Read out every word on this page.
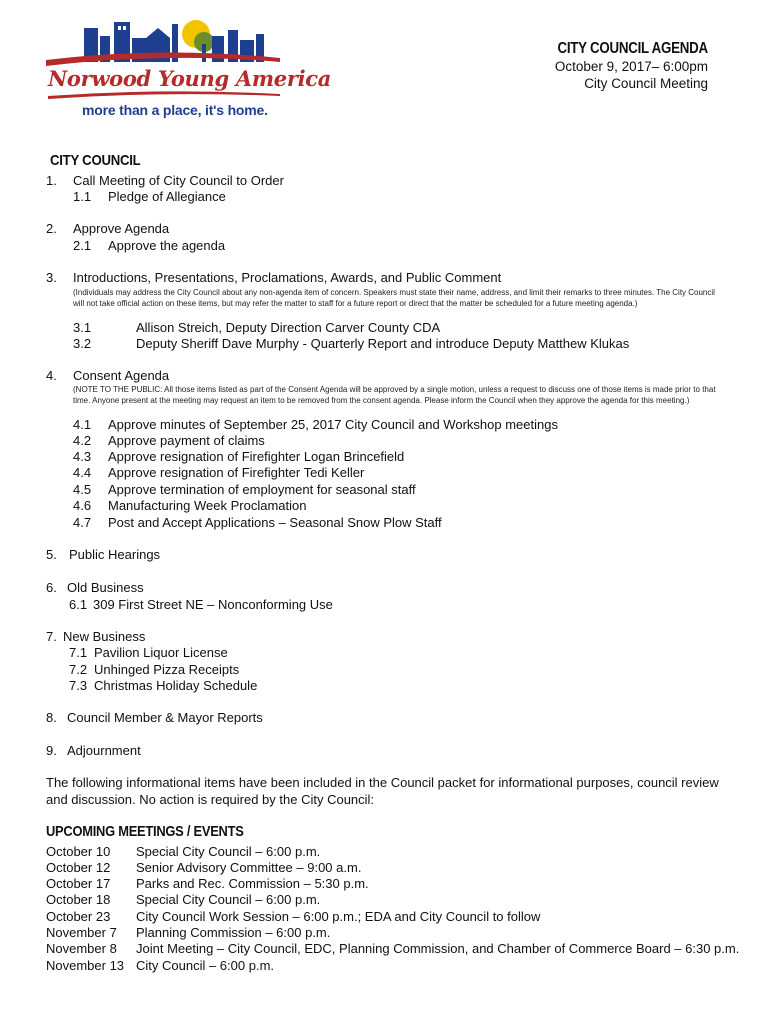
Norwood Young America
more than a place, it's home.
CITY COUNCIL AGENDA
October 9, 2017– 6:00pm
City Council Meeting
CITY COUNCIL
1. Call Meeting of City Council to Order
1.1 Pledge of Allegiance
2. Approve Agenda
2.1 Approve the agenda
3. Introductions, Presentations, Proclamations, Awards, and Public Comment
(Individuals may address the City Council about any non-agenda item of concern. Speakers must state their name, address, and limit their remarks to three minutes. The City Council will not take official action on these items, but may refer the matter to staff for a future report or direct that the matter be scheduled for a future meeting agenda.)
3.1	Allison Streich, Deputy Direction Carver County CDA
3.2	Deputy Sheriff Dave Murphy - Quarterly Report and introduce Deputy Matthew Klukas
4. Consent Agenda
(NOTE TO THE PUBLIC: All those items listed as part of the Consent Agenda will be approved by a single motion, unless a request to discuss one of those items is made prior to that time. Anyone present at the meeting may request an item to be removed from the consent agenda. Please inform the Council when they approve the agenda for this meeting.)
4.1 Approve minutes of September 25, 2017 City Council and Workshop meetings
4.2 Approve payment of claims
4.3 Approve resignation of Firefighter Logan Brincefield
4.4 Approve resignation of Firefighter Tedi Keller
4.5 Approve termination of employment for seasonal staff
4.6 Manufacturing Week Proclamation
4.7 Post and Accept Applications – Seasonal Snow Plow Staff
5. Public Hearings
6. Old Business
6.1 309 First Street NE – Nonconforming Use
7. New Business
7.1 Pavilion Liquor License
7.2 Unhinged Pizza Receipts
7.3 Christmas Holiday Schedule
8. Council Member & Mayor Reports
9. Adjournment
The following informational items have been included in the Council packet for informational purposes, council review and discussion. No action is required by the City Council:
UPCOMING MEETINGS / EVENTS
October 10 Special City Council – 6:00 p.m.
October 12 Senior Advisory Committee – 9:00 a.m.
October 17 Parks and Rec. Commission – 5:30 p.m.
October 18 Special City Council – 6:00 p.m.
October 23 City Council Work Session – 6:00 p.m.; EDA and City Council to follow
November 7 Planning Commission – 6:00 p.m.
November 8 Joint Meeting – City Council, EDC, Planning Commission, and Chamber of Commerce Board – 6:30 p.m.
November 13 City Council – 6:00 p.m.
